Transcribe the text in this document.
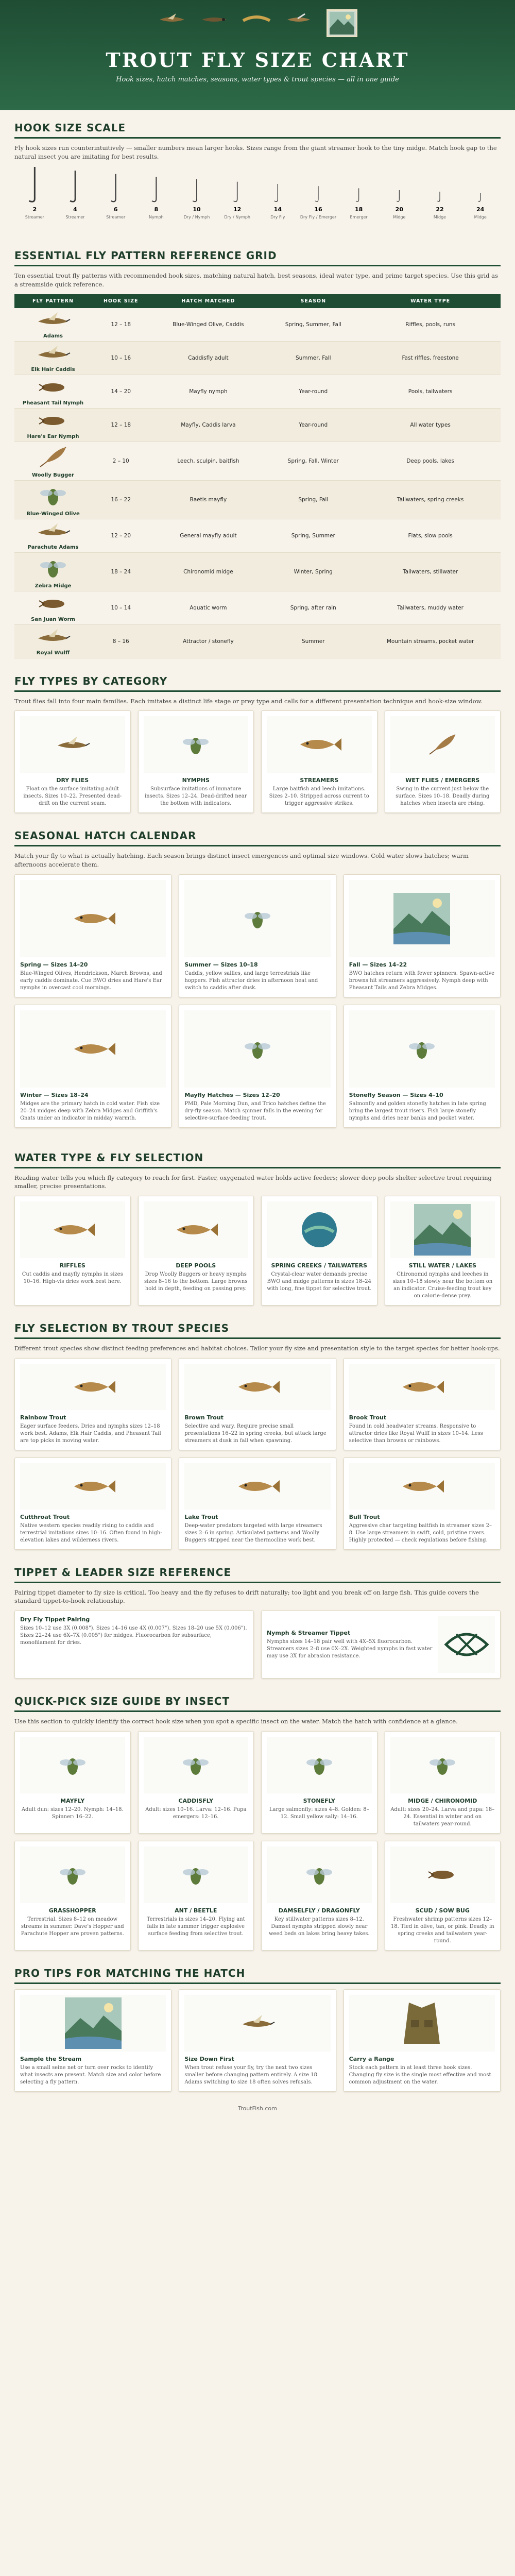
TROUT FLY SIZE CHART
Hook sizes, hatch matches, seasons, water types & trout species — all in one guide
HOOK SIZE SCALE

Fly hook sizes run counterintuitively — smaller numbers mean larger hooks. Sizes range from the giant streamer hook to the tiny midge. Match hook gap to the natural insect you are imitating for best results.

2
Streamer
4
Streamer
6
Streamer
8
Nymph
10
Dry / Nymph
12
Dry / Nymph
14
Dry Fly
16
Dry Fly / Emerger
18
Emerger
20
Midge
22
Midge
24
Midge
ESSENTIAL FLY PATTERN REFERENCE GRID

Ten essential trout fly patterns with recommended hook sizes, matching natural hatch, best seasons, ideal water type, and prime target species. Use this grid as a streamside quick reference.

FLY PATTERN	HOOK SIZE	HATCH MATCHED	SEASON	WATER TYPE

Adams	12 – 18	Blue-Winged Olive, Caddis	Spring, Summer, Fall	Riffles, pools, runs

Elk Hair Caddis	10 – 16	Caddisfly adult	Summer, Fall	Fast riffles, freestone

Pheasant Tail Nymph	14 – 20	Mayfly nymph	Year-round	Pools, tailwaters

Hare's Ear Nymph	12 – 18	Mayfly, Caddis larva	Year-round	All water types

Woolly Bugger	2 – 10	Leech, sculpin, baitfish	Spring, Fall, Winter	Deep pools, lakes

Blue-Winged Olive	16 – 22	Baetis mayfly	Spring, Fall	Tailwaters, spring creeks

Parachute Adams	12 – 20	General mayfly adult	Spring, Summer	Flats, slow pools

Zebra Midge	18 – 24	Chironomid midge	Winter, Spring	Tailwaters, stillwater

San Juan Worm	10 – 14	Aquatic worm	Spring, after rain	Tailwaters, muddy water

Royal Wulff	8 – 16	Attractor / stonefly	Summer	Mountain streams, pocket water
FLY TYPES BY CATEGORY

Trout flies fall into four main families. Each imitates a distinct life stage or prey type and calls for a different presentation technique and hook-size window.

DRY FLIES

Float on the surface imitating adult insects. Sizes 10–22. Presented dead-drift on the current seam.

NYMPHS

Subsurface imitations of immature insects. Sizes 12–24. Dead-drifted near the bottom with indicators.

STREAMERS

Large baitfish and leech imitations. Sizes 2–10. Stripped across current to trigger aggressive strikes.

WET FLIES / EMERGERS

Swing in the current just below the surface. Sizes 10–18. Deadly during hatches when insects are rising.

SEASONAL HATCH CALENDAR

Match your fly to what is actually hatching. Each season brings distinct insect emergences and optimal size windows. Cold water slows hatches; warm afternoons accelerate them.

Spring — Sizes 14–20

Blue-Winged Olives, Hendrickson, March Browns, and early caddis dominate. Cue BWO dries and Hare's Ear nymphs in overcast cool mornings.

Summer — Sizes 10–18

Caddis, yellow sallies, and large terrestrials like hoppers. Fish attractor dries in afternoon heat and switch to caddis after dusk.

Fall — Sizes 14–22

BWO hatches return with fewer spinners. Spawn-active browns hit streamers aggressively. Nymph deep with Pheasant Tails and Zebra Midges.

Winter — Sizes 18–24

Midges are the primary hatch in cold water. Fish size 20–24 midges deep with Zebra Midges and Griffith's Gnats under an indicator in midday warmth.

Mayfly Hatches — Sizes 12–20

PMD, Pale Morning Dun, and Trico hatches define the dry-fly season. Match spinner falls in the evening for selective-surface-feeding trout.

Stonefly Season — Sizes 4–10

Salmonfly and golden stonefly hatches in late spring bring the largest trout risers. Fish large stonefly nymphs and dries near banks and pocket water.

WATER TYPE & FLY SELECTION

Reading water tells you which fly category to reach for first. Faster, oxygenated water holds active feeders; slower deep pools shelter selective trout requiring smaller, precise presentations.

RIFFLES

Cut caddis and mayfly nymphs in sizes 10–16. High-vis dries work best here.

DEEP POOLS

Drop Woolly Buggers or heavy nymphs sizes 8–16 to the bottom. Large browns hold in depth, feeding on passing prey.

SPRING CREEKS / TAILWATERS

Crystal-clear water demands precise BWO and midge patterns in sizes 18–24 with long, fine tippet for selective trout.

STILL WATER / LAKES

Chironomid nymphs and leeches in sizes 10–18 slowly near the bottom on an indicator. Cruise-feeding trout key on calorie-dense prey.

FLY SELECTION BY TROUT SPECIES

Different trout species show distinct feeding preferences and habitat choices. Tailor your fly size and presentation style to the target species for better hook-ups.

Rainbow Trout

Eager surface feeders. Dries and nymphs sizes 12–18 work best. Adams, Elk Hair Caddis, and Pheasant Tail are top picks in moving water.

Brown Trout

Selective and wary. Require precise small presentations 16–22 in spring creeks, but attack large streamers at dusk in fall when spawning.

Brook Trout

Found in cold headwater streams. Responsive to attractor dries like Royal Wulff in sizes 10–14. Less selective than browns or rainbows.

Cutthroat Trout

Native western species readily rising to caddis and terrestrial imitations sizes 10–16. Often found in high-elevation lakes and wilderness rivers.

Lake Trout

Deep-water predators targeted with large streamers sizes 2–6 in spring. Articulated patterns and Woolly Buggers stripped near the thermocline work best.

Bull Trout

Aggressive char targeting baitfish in streamer sizes 2–8. Use large streamers in swift, cold, pristine rivers. Highly protected — check regulations before fishing.

TIPPET & LEADER SIZE REFERENCE

Pairing tippet diameter to fly size is critical. Too heavy and the fly refuses to drift naturally; too light and you break off on large fish. This guide covers the standard tippet-to-hook relationship.

Dry Fly Tippet Pairing

Sizes 10–12 use 3X (0.008"). Sizes 14–16 use 4X (0.007"). Sizes 18–20 use 5X (0.006"). Sizes 22–24 use 6X–7X (0.005") for midges. Fluorocarbon for subsurface, monofilament for dries.

Nymph & Streamer Tippet

Nymphs sizes 14–18 pair well with 4X–5X fluorocarbon. Streamers sizes 2–8 use 0X–2X. Weighted nymphs in fast water may use 3X for abrasion resistance.

QUICK-PICK SIZE GUIDE BY INSECT

Use this section to quickly identify the correct hook size when you spot a specific insect on the water. Match the hatch with confidence at a glance.

MAYFLY

Adult dun: sizes 12–20. Nymph: 14–18. Spinner: 16–22.

CADDISFLY

Adult: sizes 10–16. Larva: 12–16. Pupa emergers: 12–16.

STONEFLY

Large salmonfly: sizes 4–8. Golden: 8–12. Small yellow sally: 14–16.

MIDGE / CHIRONOMID

Adult: sizes 20–24. Larva and pupa: 18–24. Essential in winter and on tailwaters year-round.

GRASSHOPPER

Terrestrial. Sizes 8–12 on meadow streams in summer. Dave's Hopper and Parachute Hopper are proven patterns.

ANT / BEETLE

Terrestrials in sizes 14–20. Flying ant falls in late summer trigger explosive surface feeding from selective trout.

DAMSELFLY / DRAGONFLY

Key stillwater patterns sizes 8–12. Damsel nymphs stripped slowly near weed beds on lakes bring heavy takes.

SCUD / SOW BUG

Freshwater shrimp patterns sizes 12–18. Tied in olive, tan, or pink. Deadly in spring creeks and tailwaters year-round.

PRO TIPS FOR MATCHING THE HATCH
Sample the Stream

Use a small seine net or turn over rocks to identify what insects are present. Match size and color before selecting a fly pattern.

Size Down First

When trout refuse your fly, try the next two sizes smaller before changing pattern entirely. A size 18 Adams switching to size 18 often solves refusals.

Carry a Range

Stock each pattern in at least three hook sizes. Changing fly size is the single most effective and most common adjustment on the water.

TroutFish.com
